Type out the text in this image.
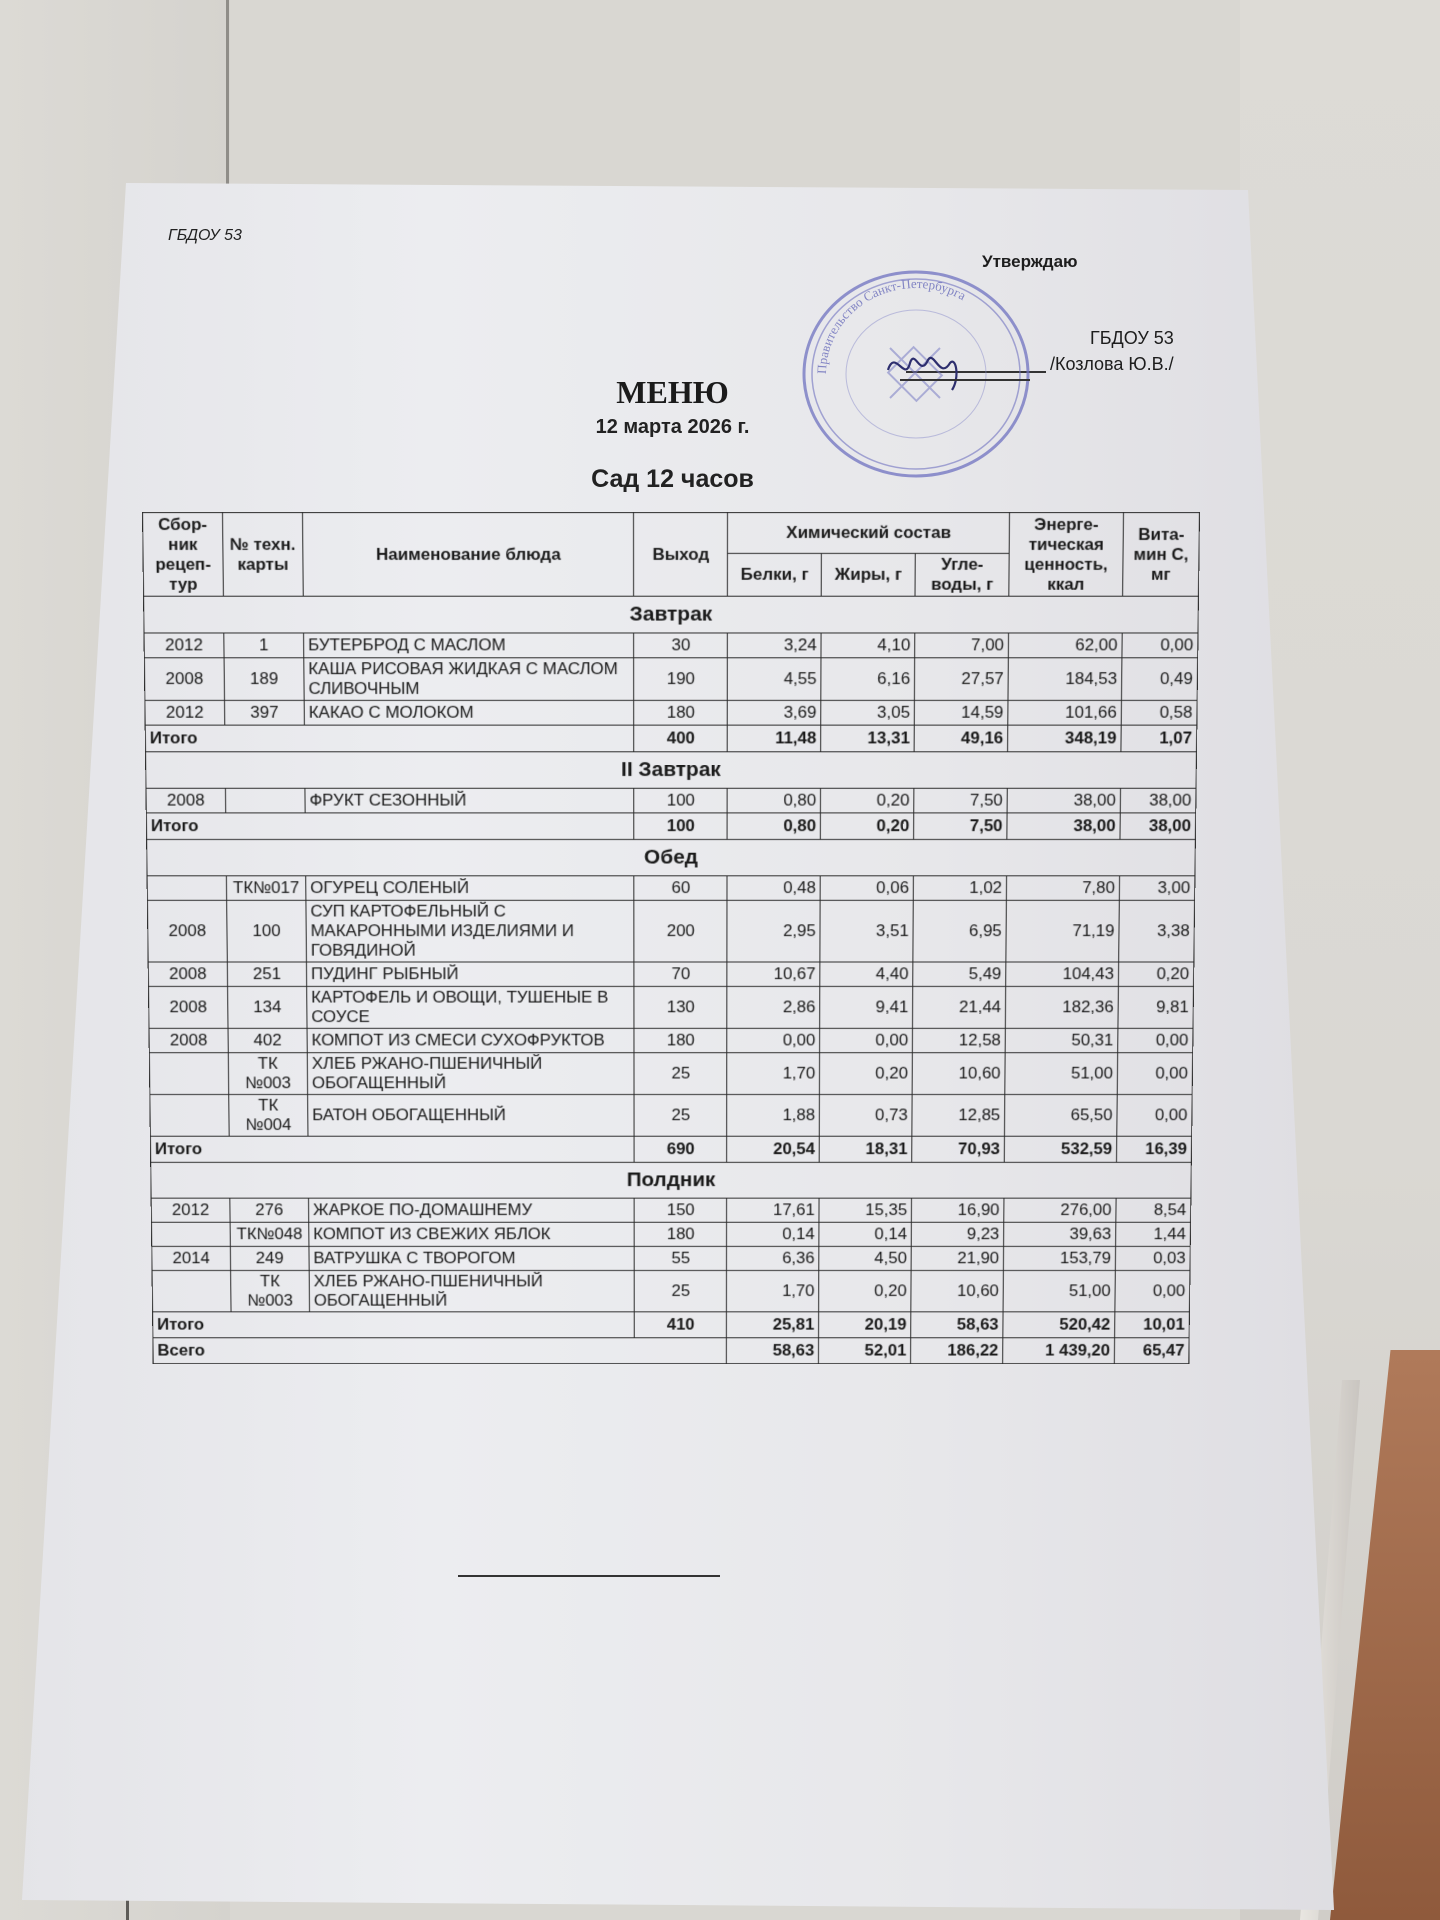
ГБДОУ 53
Утверждаю
ГБДОУ 53
/Козлова Ю.В./
Правительство Санкт-Петербурга
МЕНЮ
12 марта 2026 г.
Сад 12 часов
Сбор-ник рецеп-тур	№ техн. карты	Наименование блюда	Выход	Химический состав			Энерге-тическая ценность, ккал	Вита-мин С, мг
				Белки, г	Жиры, г	Угле-воды, г		
Завтрак								
2012	1	БУТЕРБРОД С МАСЛОМ	30	3,24	4,10	7,00	62,00	0,00
2008	189	КАША РИСОВАЯ ЖИДКАЯ С МАСЛОМ СЛИВОЧНЫМ	190	4,55	6,16	27,57	184,53	0,49
2012	397	КАКАО С МОЛОКОМ	180	3,69	3,05	14,59	101,66	0,58
Итого			400	11,48	13,31	49,16	348,19	1,07
II Завтрак								
2008		ФРУКТ СЕЗОННЫЙ	100	0,80	0,20	7,50	38,00	38,00
Итого			100	0,80	0,20	7,50	38,00	38,00
Обед								
	ТК№017	ОГУРЕЦ СОЛЕНЫЙ	60	0,48	0,06	1,02	7,80	3,00
2008	100	СУП КАРТОФЕЛЬНЫЙ С МАКАРОННЫМИ ИЗДЕЛИЯМИ И ГОВЯДИНОЙ	200	2,95	3,51	6,95	71,19	3,38
2008	251	ПУДИНГ РЫБНЫЙ	70	10,67	4,40	5,49	104,43	0,20
2008	134	КАРТОФЕЛЬ И ОВОЩИ, ТУШЕНЫЕ В СОУСЕ	130	2,86	9,41	21,44	182,36	9,81
2008	402	КОМПОТ ИЗ СМЕСИ СУХОФРУКТОВ	180	0,00	0,00	12,58	50,31	0,00
	ТК №003	ХЛЕБ РЖАНО-ПШЕНИЧНЫЙ ОБОГАЩЕННЫЙ	25	1,70	0,20	10,60	51,00	0,00
	ТК №004	БАТОН ОБОГАЩЕННЫЙ	25	1,88	0,73	12,85	65,50	0,00
Итого			690	20,54	18,31	70,93	532,59	16,39
Полдник								
2012	276	ЖАРКОЕ ПО-ДОМАШНЕМУ	150	17,61	15,35	16,90	276,00	8,54
	ТК№048	КОМПОТ ИЗ СВЕЖИХ ЯБЛОК	180	0,14	0,14	9,23	39,63	1,44
2014	249	ВАТРУШКА С ТВОРОГОМ	55	6,36	4,50	21,90	153,79	0,03
	ТК №003	ХЛЕБ РЖАНО-ПШЕНИЧНЫЙ ОБОГАЩЕННЫЙ	25	1,70	0,20	10,60	51,00	0,00
Итого			410	25,81	20,19	58,63	520,42	10,01
Всего				58,63	52,01	186,22	1 439,20	65,47
